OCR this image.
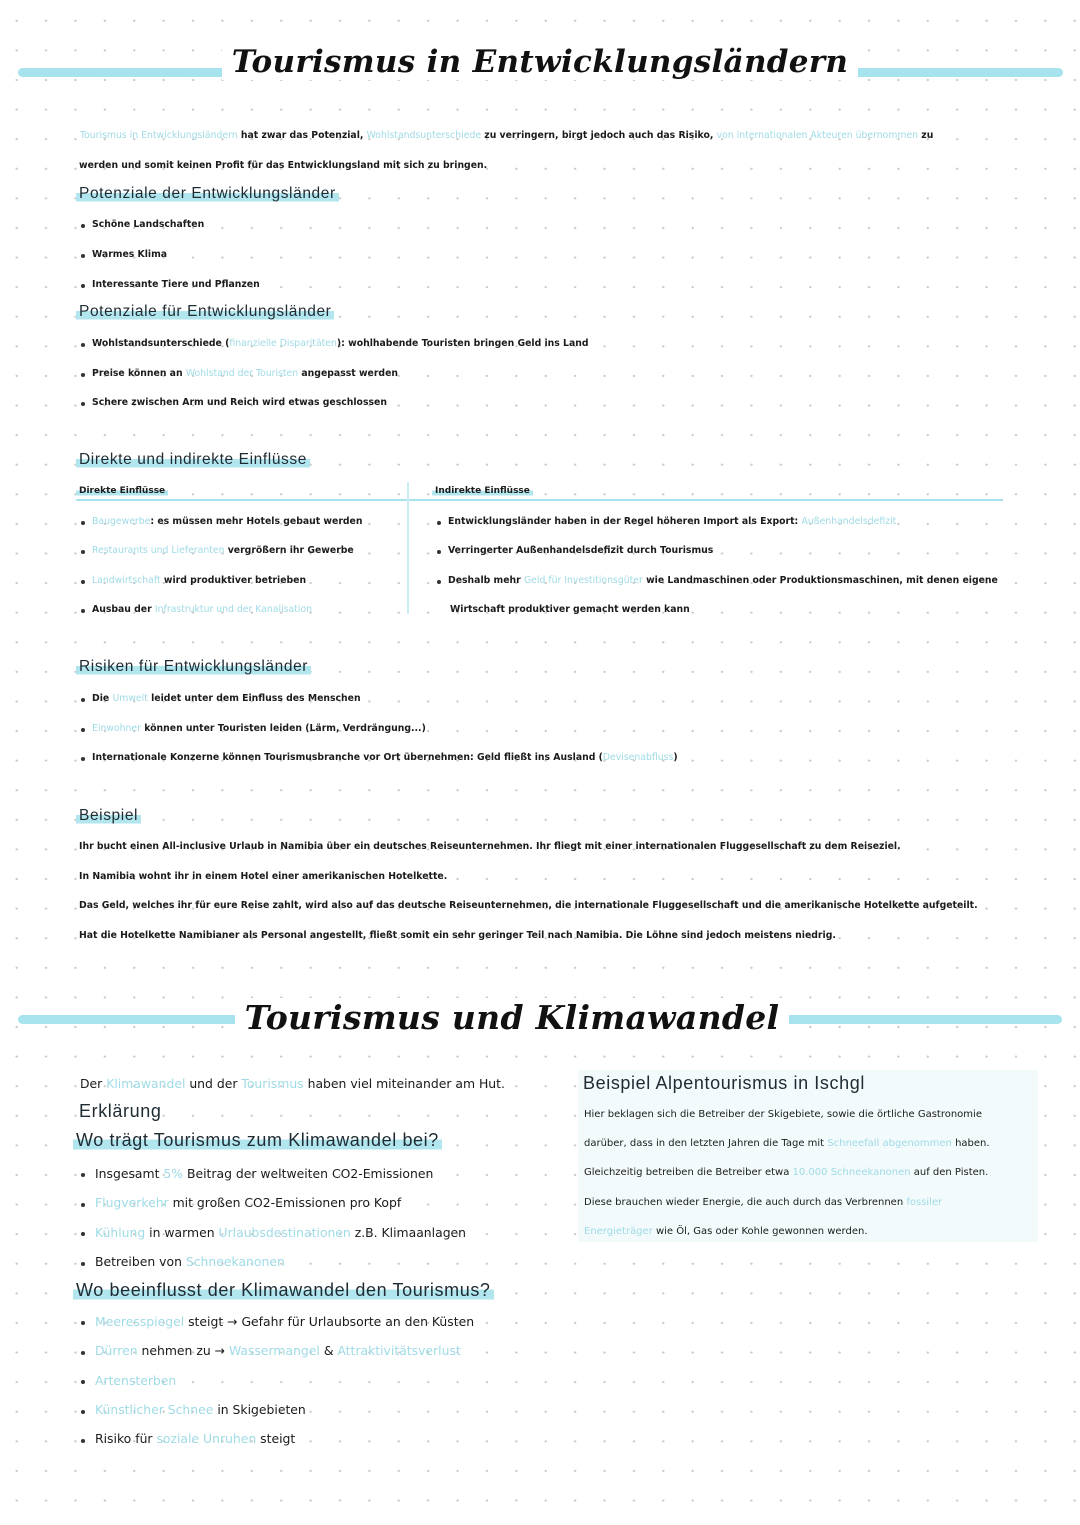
Tourismus in Entwicklungsländern
Tourismus in Entwicklungsländern hat zwar das Potenzial, Wohlstandsunterschiede zu verringern, birgt jedoch auch das Risiko, von internationalen Akteuren übernommen zu
werden und somit keinen Profit für das Entwicklungsland mit sich zu bringen.
Potenziale der Entwicklungsländer
Schöne Landschaften
Warmes Klima
Interessante Tiere und Pflanzen
Potenziale für Entwicklungsländer
Wohlstandsunterschiede (finanzielle Disparitäten): wohlhabende Touristen bringen Geld ins Land
Preise können an Wohlstand der Touristen angepasst werden
Schere zwischen Arm und Reich wird etwas geschlossen
Direkte und indirekte Einflüsse
Direkte Einflüsse	Indirekte Einflüsse
Baugewerbe: es müssen mehr Hotels gebaut werden
Restaurants und Lieferanten vergrößern ihr Gewerbe
Landwirtschaft wird produktiver betrieben
Ausbau der Infrastruktur und der Kanalisation
Entwicklungsländer haben in der Regel höheren Import als Export: Außenhandelsdefizit
Verringerter Außenhandelsdefizit durch Tourismus
Deshalb mehr Geld für Investitionsgüter wie Landmaschinen oder Produktionsmaschinen, mit denen eigene
Wirtschaft produktiver gemacht werden kann
Risiken für Entwicklungsländer
Die Umwelt leidet unter dem Einfluss des Menschen
Einwohner können unter Touristen leiden (Lärm, Verdrängung...)
Internationale Konzerne können Tourismusbranche vor Ort übernehmen: Geld fließt ins Ausland (Devisenabfluss)
Beispiel
Ihr bucht einen All-inclusive Urlaub in Namibia über ein deutsches Reiseunternehmen. Ihr fliegt mit einer internationalen Fluggesellschaft zu dem Reiseziel.
In Namibia wohnt ihr in einem Hotel einer amerikanischen Hotelkette.
Das Geld, welches ihr für eure Reise zahlt, wird also auf das deutsche Reiseunternehmen, die internationale Fluggesellschaft und die amerikanische Hotelkette aufgeteilt.
Hat die Hotelkette Namibianer als Personal angestellt, fließt somit ein sehr geringer Teil nach Namibia. Die Löhne sind jedoch meistens niedrig.
Tourismus und Klimawandel
Der Klimawandel und der Tourismus haben viel miteinander am Hut.
Erklärung
Wo trägt Tourismus zum Klimawandel bei?
Insgesamt 5% Beitrag der weltweiten CO2-Emissionen
Flugverkehr mit großen CO2-Emissionen pro Kopf
Kühlung in warmen Urlaubsdestinationen z.B. Klimaanlagen
Betreiben von Schneekanonen
Wo beeinflusst der Klimawandel den Tourismus?
Meeresspiegel steigt → Gefahr für Urlaubsorte an den Küsten
Dürren nehmen zu → Wassermangel & Attraktivitätsverlust
Artensterben
Künstlicher Schnee in Skigebieten
Risiko für soziale Unruhen steigt
Beispiel Alpentourismus in Ischgl
Hier beklagen sich die Betreiber der Skigebiete, sowie die örtliche Gastronomie
darüber, dass in den letzten Jahren die Tage mit Schneefall abgenommen haben.
Gleichzeitig betreiben die Betreiber etwa 10.000 Schneekanonen auf den Pisten.
Diese brauchen wieder Energie, die auch durch das Verbrennen fossiler
Energieträger wie Öl, Gas oder Kohle gewonnen werden.
